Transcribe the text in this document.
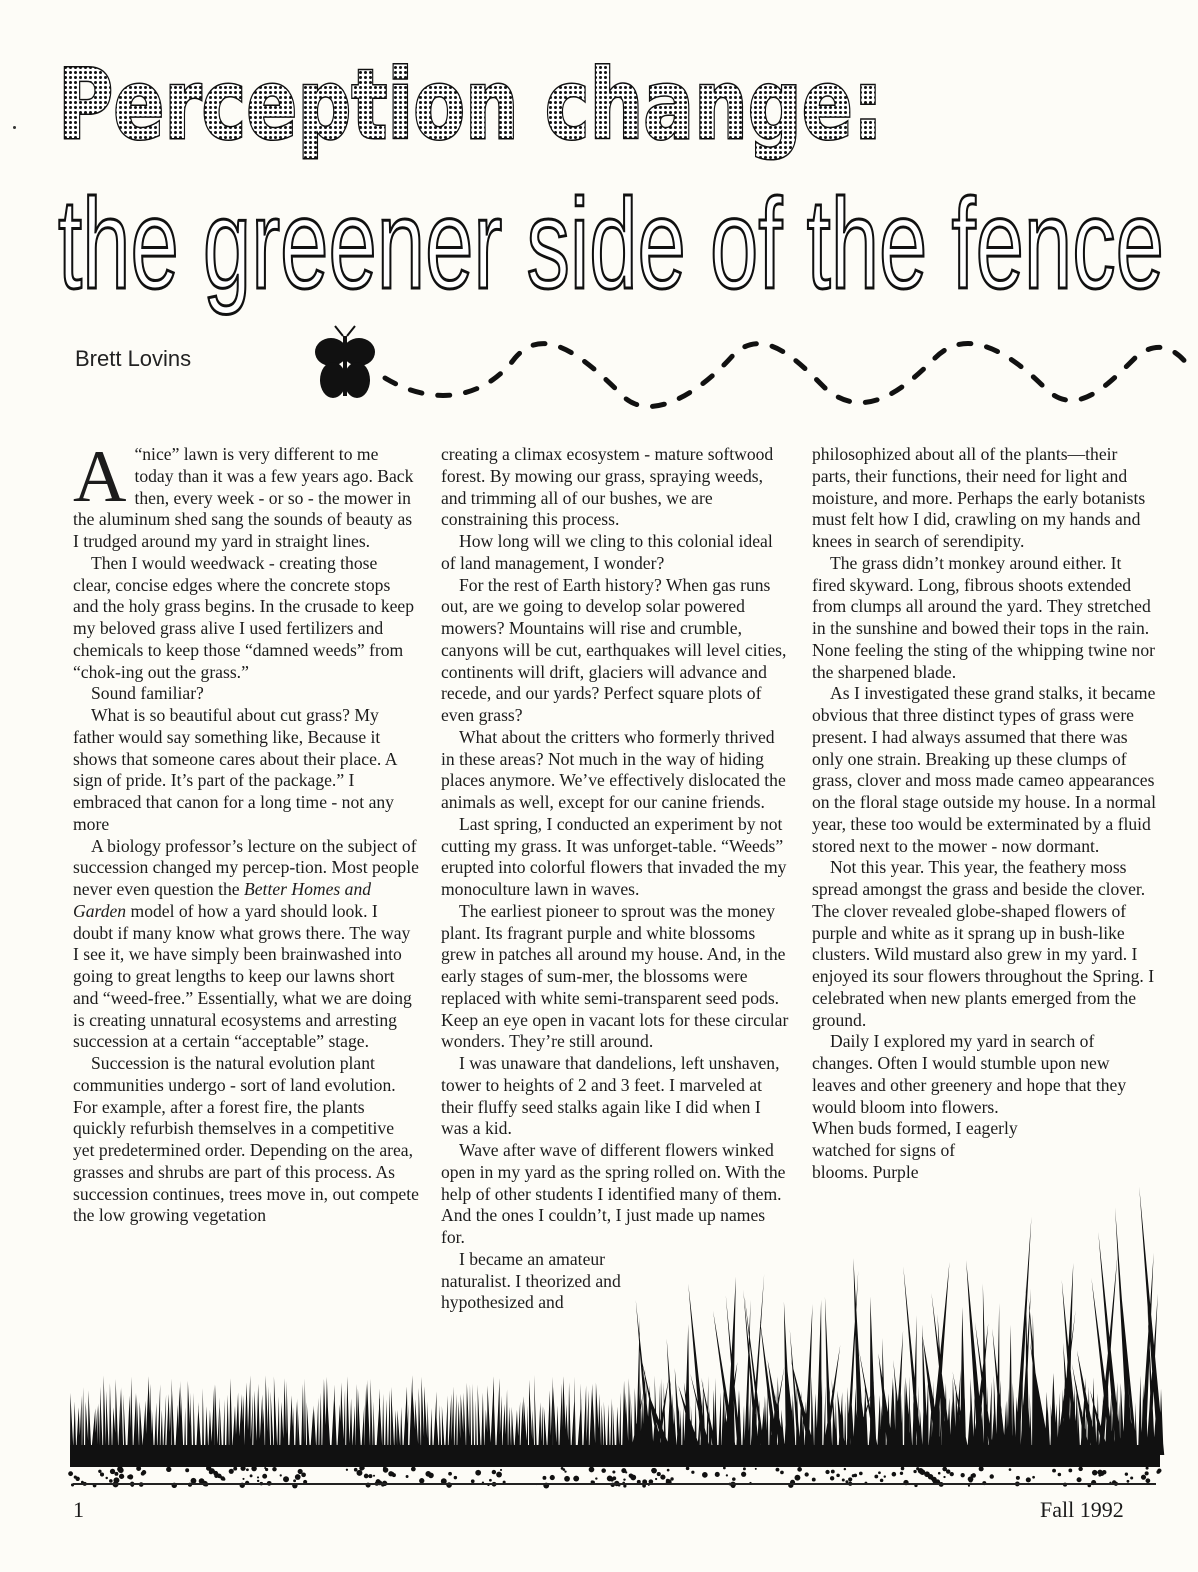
Perception change:
the greener side of the fence
Brett Lovins

A “nice” lawn is very different to me today than it was a few years ago. Back then, every week - or so - the mower in the aluminum shed sang the sounds of beauty as I trudged around my yard in straight lines.

Then I would weedwack - creating those clear, concise edges where the concrete stops and the holy grass begins. In the crusade to keep my beloved grass alive I used fertilizers and chemicals to keep those “damned weeds” from “chok-ing out the grass.”

Sound familiar?

What is so beautiful about cut grass? My father would say something like, Because it shows that someone cares about their place. A sign of pride. It’s part of the package.” I embraced that canon for a long time - not any more

A biology professor’s lecture on the subject of succession changed my percep-tion. Most people never even question the Better Homes and Garden model of how a yard should look. I doubt if many know what grows there. The way I see it, we have simply been brainwashed into going to great lengths to keep our lawns short and “weed-free.” Essentially, what we are doing is creating unnatural ecosystems and arresting succession at a certain “acceptable” stage.

Succession is the natural evolution plant communities undergo - sort of land evolution. For example, after a forest fire, the plants quickly refurbish themselves in a competitive yet predetermined order. Depending on the area, grasses and shrubs are part of this process. As succession continues, trees move in, out compete the low growing vegetation

creating a climax ecosystem - mature softwood forest. By mowing our grass, spraying weeds, and trimming all of our bushes, we are constraining this process.

How long will we cling to this colonial ideal of land management, I wonder?

For the rest of Earth history? When gas runs out, are we going to develop solar powered mowers? Mountains will rise and crumble, canyons will be cut, earthquakes will level cities, continents will drift, glaciers will advance and recede, and our yards? Perfect square plots of even grass?

What about the critters who formerly thrived in these areas? Not much in the way of hiding places anymore. We’ve effectively dislocated the animals as well, except for our canine friends.

Last spring, I conducted an experiment by not cutting my grass. It was unforget-table. “Weeds” erupted into colorful flowers that invaded the my monoculture lawn in waves.

The earliest pioneer to sprout was the money plant. Its fragrant purple and white blossoms grew in patches all around my house. And, in the early stages of sum-mer, the blossoms were replaced with white semi-transparent seed pods. Keep an eye open in vacant lots for these circular wonders. They’re still around.

I was unaware that dandelions, left unshaven, tower to heights of 2 and 3 feet. I marveled at their fluffy seed stalks again like I did when I was a kid.

Wave after wave of different flowers winked open in my yard as the spring rolled on. With the help of other students I identified many of them. And the ones I couldn’t, I just made up names for.

I became an amateur naturalist. I theorized and hypothesized and

philosophized about all of the plants—their parts, their functions, their need for light and moisture, and more. Perhaps the early botanists must felt how I did, crawling on my hands and knees in search of serendipity.

The grass didn’t monkey around either. It fired skyward. Long, fibrous shoots extended from clumps all around the yard. They stretched in the sunshine and bowed their tops in the rain. None feeling the sting of the whipping twine nor the sharpened blade.

As I investigated these grand stalks, it became obvious that three distinct types of grass were present. I had always assumed that there was only one strain. Breaking up these clumps of grass, clover and moss made cameo appearances on the floral stage outside my house. In a normal year, these too would be exterminated by a fluid stored next to the mower - now dormant.

Not this year. This year, the feathery moss spread amongst the grass and beside the clover. The clover revealed globe-shaped flowers of purple and white as it sprang up in bush-like clusters. Wild mustard also grew in my yard. I enjoyed its sour flowers throughout the Spring. I celebrated when new plants emerged from the ground.

Daily I explored my yard in search of changes. Often I would stumble upon new leaves and other greenery and hope that they would bloom into flowers.

When buds formed, I eagerly

watched for signs of

blooms. Purple

1	Fall 1992
